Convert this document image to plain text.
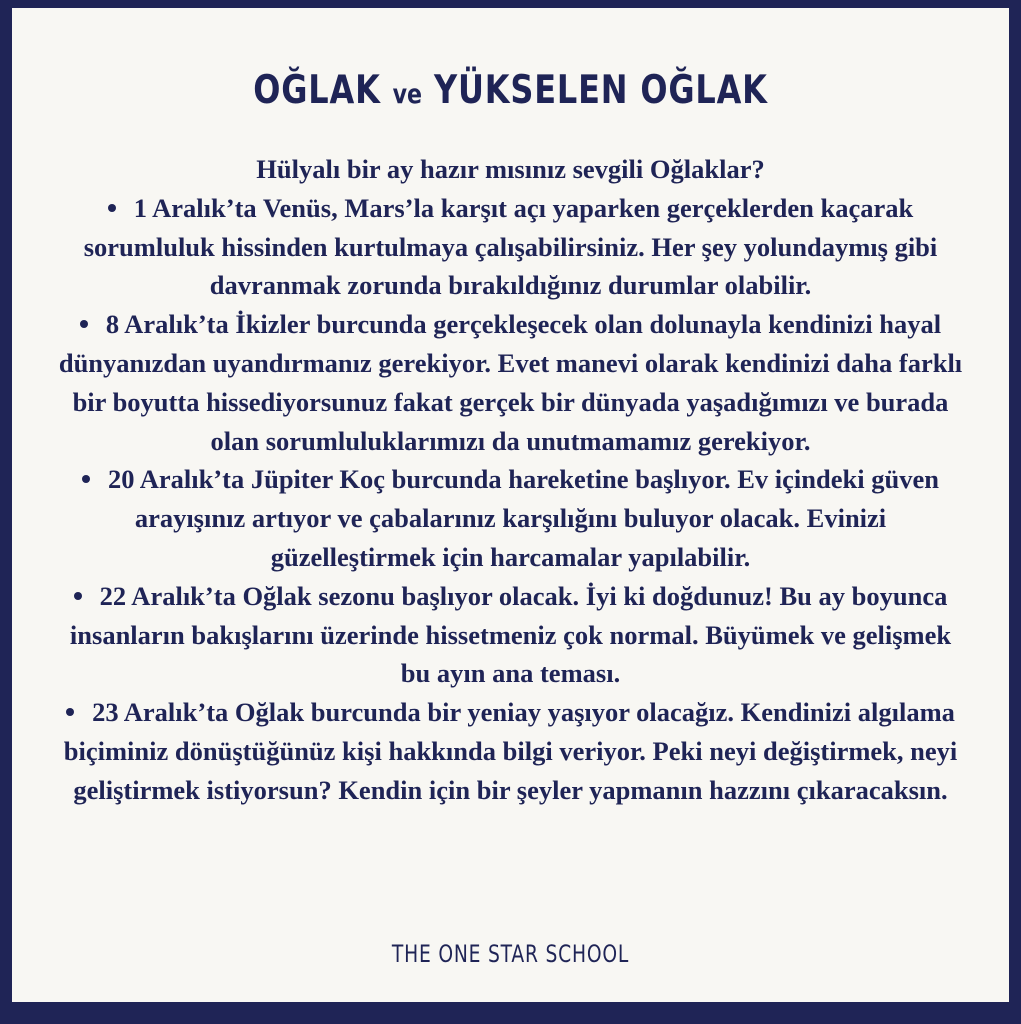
OĞLAK ve YÜKSELEN OĞLAK

Hülyalı bir ay hazır mısınız sevgili Oğlaklar?

1 Aralık’ta Venüs, Mars’la karşıt açı yaparken gerçeklerden kaçarak sorumluluk hissinden kurtulmaya çalışabilirsiniz. Her şey yolundaymış gibi davranmak zorunda bırakıldığınız durumlar olabilir.
8 Aralık’ta İkizler burcunda gerçekleşecek olan dolunayla kendinizi hayal dünyanızdan uyandırmanız gerekiyor. Evet manevi olarak kendinizi daha farklı bir boyutta hissediyorsunuz fakat gerçek bir dünyada yaşadığımızı ve burada olan sorumluluklarımızı da unutmamamız gerekiyor.
20 Aralık’ta Jüpiter Koç burcunda hareketine başlıyor. Ev içindeki güven arayışınız artıyor ve çabalarınız karşılığını buluyor olacak. Evinizi güzelleştirmek için harcamalar yapılabilir.
22 Aralık’ta Oğlak sezonu başlıyor olacak. İyi ki doğdunuz! Bu ay boyunca insanların bakışlarını üzerinde hissetmeniz çok normal. Büyümek ve gelişmek bu ayın ana teması.
23 Aralık’ta Oğlak burcunda bir yeniay yaşıyor olacağız. Kendinizi algılama biçiminiz dönüştüğünüz kişi hakkında bilgi veriyor. Peki neyi değiştirmek, neyi geliştirmek istiyorsun? Kendin için bir şeyler yapmanın hazzını çıkaracaksın.

THE ONE STAR SCHOOL
